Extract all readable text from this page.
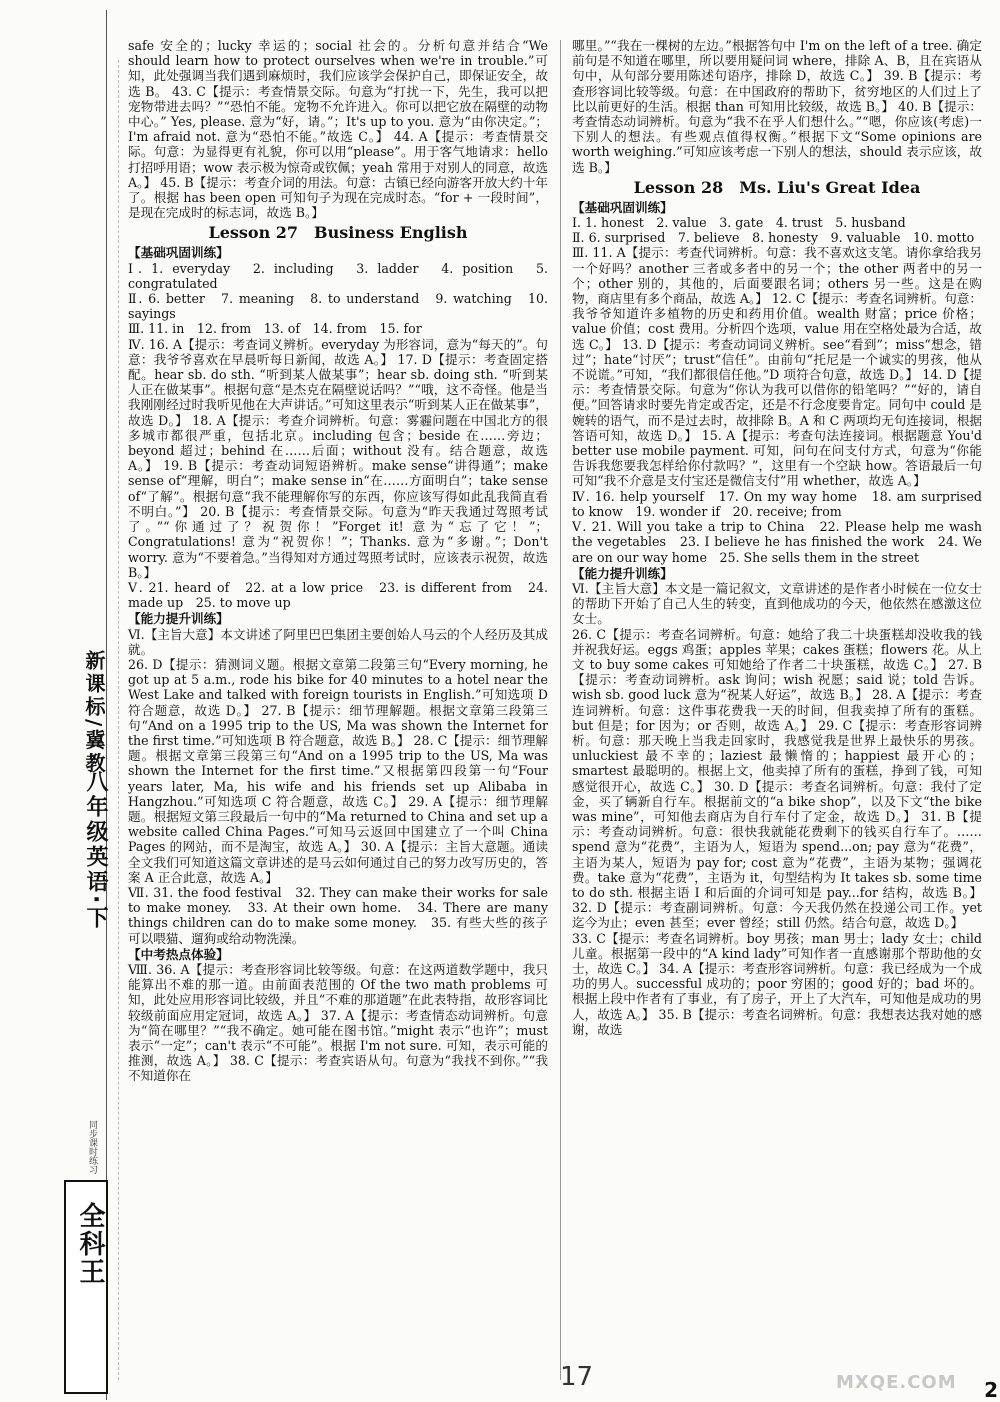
新课标/冀教
八年级英语·下
同步课时练习
全科王

safe 安全的；lucky 幸运的；social 社会的。分析句意并结合“We should learn how to protect ourselves when we're in trouble.”可知，此处强调当我们遇到麻烦时，我们应该学会保护自己，即保证安全，故选 B。 43. C【提示：考查情景交际。句意为“打扰一下，先生，我可以把宠物带进去吗？”“恐怕不能。宠物不允许进入。你可以把它放在隔壁的动物中心。” Yes, please. 意为“好，请。”；It's up to you. 意为“由你决定。”；I'm afraid not. 意为“恐怕不能。”故选 C。】 44. A【提示：考查情景交际。句意：为显得更有礼貌，你可以用“please”。用于客气地请求：hello 打招呼用语；wow 表示极为惊奇或钦佩；yeah 常用于对别人的同意，故选 A。】 45. B【提示：考查介词的用法。句意：古镇已经向游客开放大约十年了。根据 has been open 可知句子为现在完成时态。“for + 一段时间”，是现在完成时的标志词，故选 B。】

Lesson 27　Business English
【基础巩固训练】

Ⅰ. 1. everyday　2. including　3. ladder　4. position　5. congratulated

Ⅱ. 6. better　7. meaning　8. to understand　9. watching　10. sayings

Ⅲ. 11. in　12. from　13. of　14. from　15. for

Ⅳ. 16. A【提示：考查词义辨析。everyday 为形容词，意为“每天的”。句意：我爷爷喜欢在早晨听每日新闻，故选 A。】 17. D【提示：考查固定搭配。hear sb. do sth. “听到某人做某事”；hear sb. doing sth. “听到某人正在做某事”。根据句意“是杰克在隔壁说话吗？”“哦，这不奇怪。他是当我刚刚经过时我听见他在大声讲话。”可知这里表示“听到某人正在做某事”，故选 D。】 18. A【提示：考查介词辨析。句意：雾霾问题在中国北方的很多城市都很严重，包括北京。including 包含；beside 在……旁边；beyond 超过；behind 在……后面；without 没有。结合题意，故选 A。】 19. B【提示：考查动词短语辨析。make sense“讲得通”；make sense of“理解，明白”；make sense in“在……方面明白”；take sense of“了解”。根据句意“我不能理解你写的东西，你应该写得如此乱我简直看不明白。”】 20. B【提示：考查情景交际。句意为“昨天我通过驾照考试了。”“你通过了？祝贺你！”Forget it! 意为“忘了它！”；Congratulations! 意为“祝贺你！”；Thanks. 意为“多谢。”；Don't worry. 意为“不要着急。”当得知对方通过驾照考试时，应该表示祝贺，故选 B。】

Ⅴ. 21. heard of　22. at a low price　23. is different from　24. made up　25. to move up

【能力提升训练】

Ⅵ.【主旨大意】本文讲述了阿里巴巴集团主要创始人马云的个人经历及其成就。

26. D【提示：猜测词义题。根据文章第二段第三句“Every morning, he got up at 5 a.m., rode his bike for 40 minutes to a hotel near the West Lake and talked with foreign tourists in English.”可知选项 D 符合题意，故选 D。】 27. B【提示：细节理解题。根据文章第三段第三句“And on a 1995 trip to the US, Ma was shown the Internet for the first time.”可知选项 B 符合题意，故选 B。】 28. C【提示：细节理解题。根据文章第三段第三句“And on a 1995 trip to the US, Ma was shown the Internet for the first time.”又根据第四段第一句“Four years later, Ma, his wife and his friends set up Alibaba in Hangzhou.”可知选项 C 符合题意，故选 C。】 29. A【提示：细节理解题。根据短文第三段最后一句中的“Ma returned to China and set up a website called China Pages.”可知马云返回中国建立了一个叫 China Pages 的网站，而不是淘宝，故选 A。】 30. A【提示：主旨大意题。通读全文我们可知道这篇文章讲述的是马云如何通过自己的努力改写历史的，答案 A 正合此意，故选 A。】

Ⅶ. 31. the food festival　32. They can make their works for sale to make money.　33. At their own home.　34. There are many things children can do to make some money.　35. 有些大些的孩子可以喂猫、遛狗或给动物洗澡。

【中考热点体验】

Ⅷ. 36. A【提示：考查形容词比较等级。句意：在这两道数学题中，我只能算出不难的那一道。由前面表范围的 Of the two math problems 可知，此处应用形容词比较级，并且“不难的那道题”在此表特指，故形容词比较级前面应用定冠词，故选 A。】 37. A【提示：考查情态动词辨析。句意为“简在哪里？”“我不确定。她可能在图书馆。”might 表示“也许”；must 表示“一定”；can't 表示“不可能”。根据 I'm not sure. 可知，表示可能的推测，故选 A。】 38. C【提示：考查宾语从句。句意为“我找不到你。”“我不知道你在

哪里。”“我在一棵树的左边。”根据答句中 I'm on the left of a tree. 确定前句是不知道在哪里，所以要用疑问词 where，排除 A、B，且在宾语从句中，从句部分要用陈述句语序，排除 D，故选 C。】 39. B【提示：考查形容词比较等级。句意：在中国政府的帮助下，贫穷地区的人们过上了比以前更好的生活。根据 than 可知用比较级，故选 B。】 40. B【提示：考查情态动词辨析。句意为“我不在乎人们想什么。”“嗯，你应该(考虑)一下别人的想法。有些观点值得权衡。”根据下文“Some opinions are worth weighing.”可知应该考虑一下别人的想法，should 表示应该，故选 B。】

Lesson 28　Ms. Liu's Great Idea
【基础巩固训练】

Ⅰ. 1. honest　2. value　3. gate　4. trust　5. husband

Ⅱ. 6. surprised　7. believe　8. honesty　9. valuable　10. motto

Ⅲ. 11. A【提示：考查代词辨析。句意：我不喜欢这支笔。请你拿给我另一个好吗？another 三者或多者中的另一个；the other 两者中的另一个；other 别的，其他的，后面要跟名词；others 另一些。这是在购物，商店里有多个商品，故选 A。】 12. C【提示：考查名词辨析。句意：我爷爷知道许多植物的历史和药用价值。wealth 财富；price 价格；value 价值；cost 费用。分析四个选项，value 用在空格处最为合适，故选 C。】 13. D【提示：考查动词词义辨析。see“看到”；miss“想念，错过”；hate“讨厌”；trust“信任”。由前句“托尼是一个诚实的男孩，他从不说谎。”可知，“我们都很信任他。”D 项符合句意，故选 D。】 14. D【提示：考查情景交际。句意为“你认为我可以借你的铅笔吗？”“好的，请自便。”回答请求时要先肯定或否定，还是不行念度要肯定。同句中 could 是婉转的语气，而不是过去时，故排除 B。A 和 C 两项均无句连接词，根据答语可知，故选 D。】 15. A【提示：考查句法连接词。根据题意 You'd better use mobile payment. 可知，问句在问支付方式，句意为“你能告诉我您要我怎样给你付款吗？”，这里有一个空缺 how。答语最后一句可知“我不介意是支付宝还是微信支付”用 whether，故选 A。】

Ⅳ. 16. help yourself　17. On my way home　18. am surprised to know　19. wonder if　20. receive; from

Ⅴ. 21. Will you take a trip to China　22. Please help me wash the vegetables　23. I believe he has finished the work　24. We are on our way home　25. She sells them in the street

【能力提升训练】

Ⅵ.【主旨大意】本文是一篇记叙文，文章讲述的是作者小时候在一位女士的帮助下开始了自己人生的转变，直到他成功的今天，他依然在感激这位女士。

26. C【提示：考查名词辨析。句意：她给了我二十块蛋糕却没收我的钱并祝我好运。eggs 鸡蛋；apples 苹果；cakes 蛋糕；flowers 花。从上文 to buy some cakes 可知她给了作者二十块蛋糕，故选 C。】 27. B【提示：考查动词辨析。ask 询问；wish 祝愿；said 说；told 告诉。wish sb. good luck 意为“祝某人好运”，故选 B。】 28. A【提示：考查连词辨析。句意：这件事花费我一天的时间，但我卖掉了所有的蛋糕。but 但是；for 因为；or 否则，故选 A。】 29. C【提示：考查形容词辨析。句意：那天晚上当我走回家时，我感觉我是世界上最快乐的男孩。unluckiest 最不幸的；laziest 最懒惰的；happiest 最开心的；smartest 最聪明的。根据上文，他卖掉了所有的蛋糕，挣到了钱，可知感觉很开心，故选 C。】 30. D【提示：考查名词辨析。句意：我付了定金，买了辆新自行车。根据前文的“a bike shop”，以及下文“the bike was mine”，可知他去商店为自行车付了定金，故选 D。】 31. B【提示：考查动词辨析。句意：很快我就能花费剩下的钱买自行车了。……spend 意为“花费”，主语为人，短语为 spend...on; pay 意为“花费”，主语为某人，短语为 pay for; cost 意为“花费”，主语为某物；强调花费。take 意为“花费”，主语为 it，句型结构为 It takes sb. some time to do sth. 根据主语 I 和后面的介词可知是 pay...for 结构，故选 B。】 32. D【提示：考查副词辨析。句意：今天我仍然在投递公司工作。yet 迄今为止；even 甚至；ever 曾经；still 仍然。结合句意，故选 D。】

33. C【提示：考查名词辨析。boy 男孩；man 男士；lady 女士；child 儿童。根据第一段中的“A kind lady”可知作者一直感谢那个帮助他的女士，故选 C。】 34. A【提示：考查形容词辨析。句意：我已经成为一个成功的男人。successful 成功的；poor 穷困的；good 好的；bad 坏的。根据上段中作者有了事业，有了房子，开上了大汽车，可知他是成功的男人，故选 A。】 35. B【提示：考查名词辨析。句意：我想表达我对她的感谢，故选

17	MXQE.COM 2
